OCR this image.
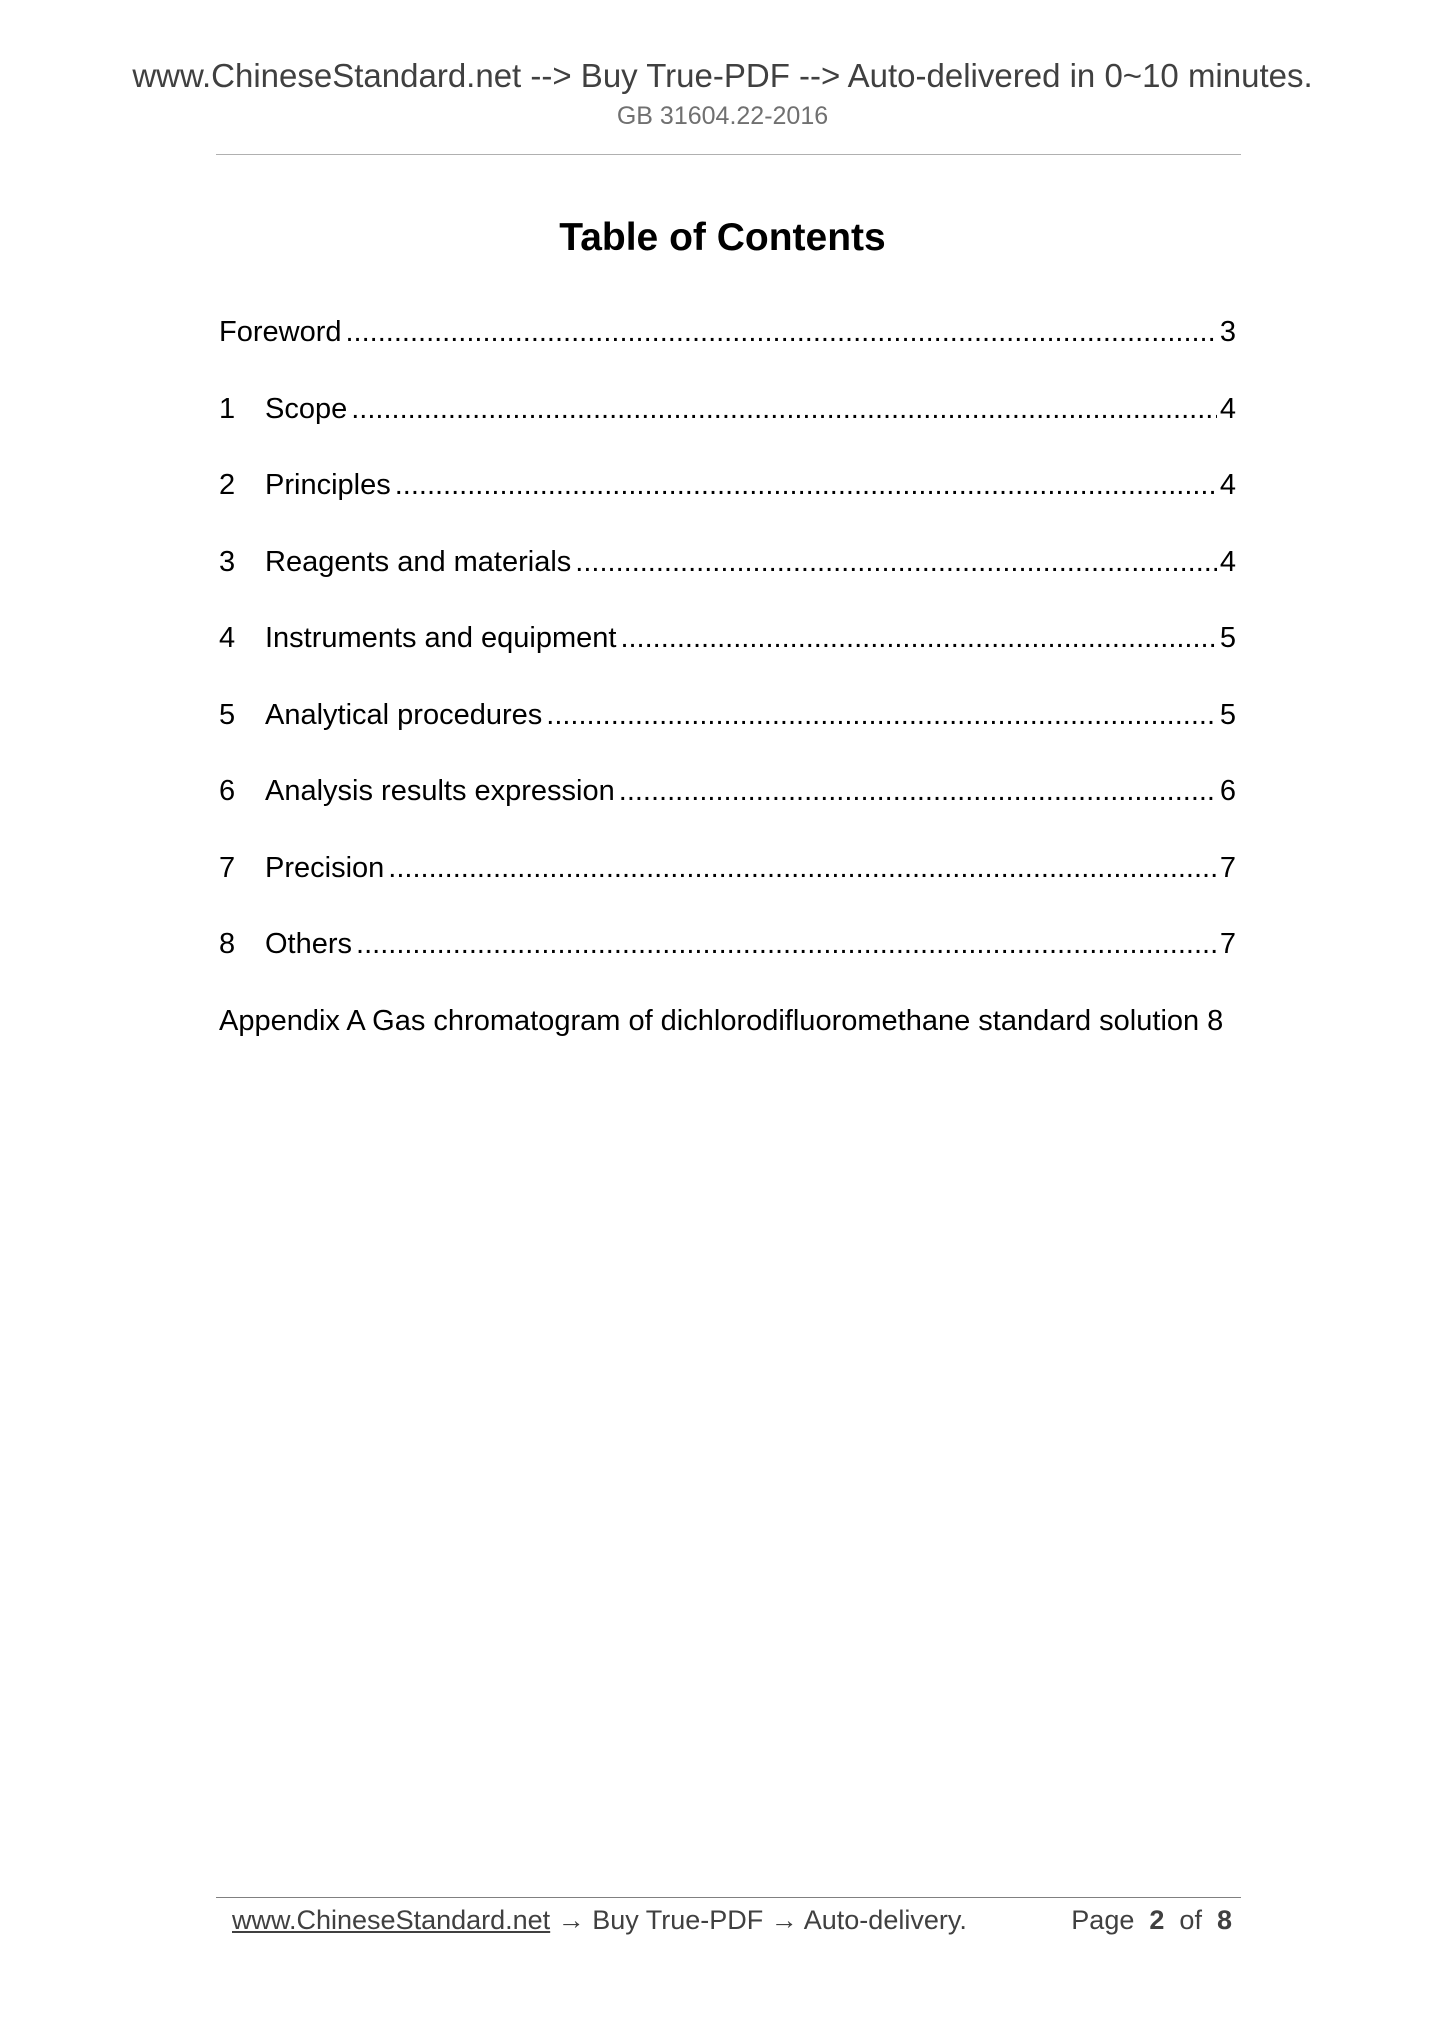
www.ChineseStandard.net --> Buy True-PDF --> Auto-delivered in 0~10 minutes.
GB 31604.22-2016
Table of Contents
Foreword .....	3
1	Scope .....	4
2	Principles .....	4
3	Reagents and materials .....	4
4	Instruments and equipment .....	5
5	Analytical procedures .....	5
6	Analysis results expression .....	6
7	Precision .....	7
8	Others .....	7
Appendix A Gas chromatogram of dichlorodifluoromethane standard solution 8
www.ChineseStandard.net → Buy True-PDF → Auto-delivery.	Page 2 of 8
